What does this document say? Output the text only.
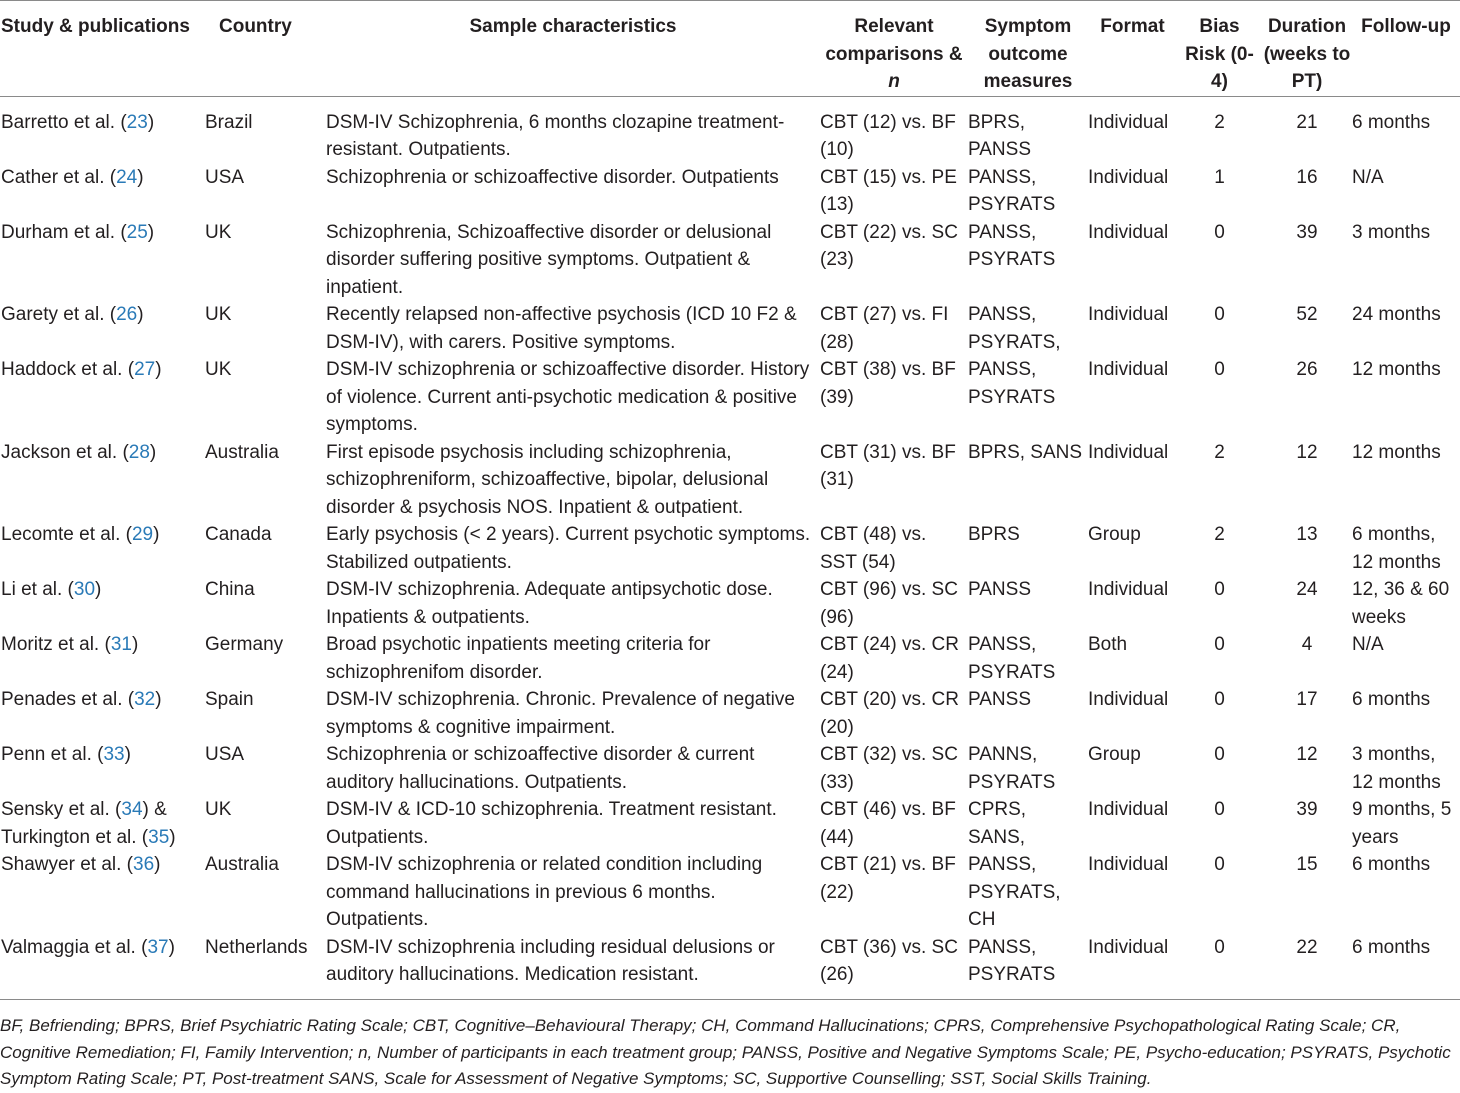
Study & publications	Country	Sample characteristics	Relevant comparisons & n	Symptom outcome measures	Format	Bias Risk (0-4)	Duration (weeks to PT)	Follow-up
Barretto et al. (23)	Brazil	DSM-IV Schizophrenia, 6 months clozapine treatment-resistant. Outpatients.	CBT (12) vs. BF (10)	BPRS, PANSS	Individual	2	21	6 months
Cather et al. (24)	USA	Schizophrenia or schizoaffective disorder. Outpatients	CBT (15) vs. PE (13)	PANSS, PSYRATS	Individual	1	16	N/A
Durham et al. (25)	UK	Schizophrenia, Schizoaffective disorder or delusional disorder suffering positive symptoms. Outpatient & inpatient.	CBT (22) vs. SC (23)	PANSS, PSYRATS	Individual	0	39	3 months
Garety et al. (26)	UK	Recently relapsed non-affective psychosis (ICD 10 F2 & DSM-IV), with carers. Positive symptoms.	CBT (27) vs. FI (28)	PANSS, PSYRATS,	Individual	0	52	24 months
Haddock et al. (27)	UK	DSM-IV schizophrenia or schizoaffective disorder. History of violence. Current anti-psychotic medication & positive symptoms.	CBT (38) vs. BF (39)	PANSS, PSYRATS	Individual	0	26	12 months
Jackson et al. (28)	Australia	First episode psychosis including schizophrenia, schizophreniform, schizoaffective, bipolar, delusional disorder & psychosis NOS. Inpatient & outpatient.	CBT (31) vs. BF (31)	BPRS, SANS	Individual	2	12	12 months
Lecomte et al. (29)	Canada	Early psychosis (< 2 years). Current psychotic symptoms. Stabilized outpatients.	CBT (48) vs. SST (54)	BPRS	Group	2	13	6 months, 12 months
Li et al. (30)	China	DSM-IV schizophrenia. Adequate antipsychotic dose. Inpatients & outpatients.	CBT (96) vs. SC (96)	PANSS	Individual	0	24	12, 36 & 60 weeks
Moritz et al. (31)	Germany	Broad psychotic inpatients meeting criteria for schizophrenifom disorder.	CBT (24) vs. CR (24)	PANSS, PSYRATS	Both	0	4	N/A
Penades et al. (32)	Spain	DSM-IV schizophrenia. Chronic. Prevalence of negative symptoms & cognitive impairment.	CBT (20) vs. CR (20)	PANSS	Individual	0	17	6 months
Penn et al. (33)	USA	Schizophrenia or schizoaffective disorder & current auditory hallucinations. Outpatients.	CBT (32) vs. SC (33)	PANNS, PSYRATS	Group	0	12	3 months, 12 months
Sensky et al. (34) & Turkington et al. (35)	UK	DSM-IV & ICD-10 schizophrenia. Treatment resistant. Outpatients.	CBT (46) vs. BF (44)	CPRS, SANS,	Individual	0	39	9 months, 5 years
Shawyer et al. (36)	Australia	DSM-IV schizophrenia or related condition including command hallucinations in previous 6 months. Outpatients.	CBT (21) vs. BF (22)	PANSS, PSYRATS, CH	Individual	0	15	6 months
Valmaggia et al. (37)	Netherlands	DSM-IV schizophrenia including residual delusions or auditory hallucinations. Medication resistant.	CBT (36) vs. SC (26)	PANSS, PSYRATS	Individual	0	22	6 months

BF, Befriending; BPRS, Brief Psychiatric Rating Scale; CBT, Cognitive–Behavioural Therapy; CH, Command Hallucinations; CPRS, Comprehensive Psychopathological Rating Scale; CR, Cognitive Remediation; FI, Family Intervention; n, Number of participants in each treatment group; PANSS, Positive and Negative Symptoms Scale; PE, Psycho-education; PSYRATS, Psychotic Symptom Rating Scale; PT, Post-treatment SANS, Scale for Assessment of Negative Symptoms; SC, Supportive Counselling; SST, Social Skills Training.
